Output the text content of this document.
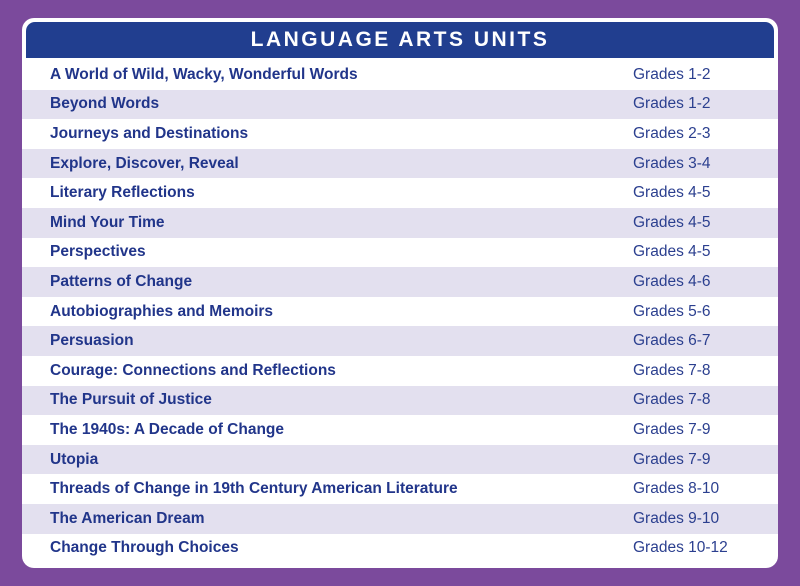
LANGUAGE ARTS UNITS
A World of Wild, Wacky, Wonderful Words	Grades 1-2
Beyond Words	Grades 1-2
Journeys and Destinations	Grades 2-3
Explore, Discover, Reveal	Grades 3-4
Literary Reflections	Grades 4-5
Mind Your Time	Grades 4-5
Perspectives	Grades 4-5
Patterns of Change	Grades 4-6
Autobiographies and Memoirs	Grades 5-6
Persuasion	Grades 6-7
Courage: Connections and Reflections	Grades 7-8
The Pursuit of Justice	Grades 7-8
The 1940s: A Decade of Change	Grades 7-9
Utopia	Grades 7-9
Threads of Change in 19th Century American Literature	Grades 8-10
The American Dream	Grades 9-10
Change Through Choices	Grades 10-12
